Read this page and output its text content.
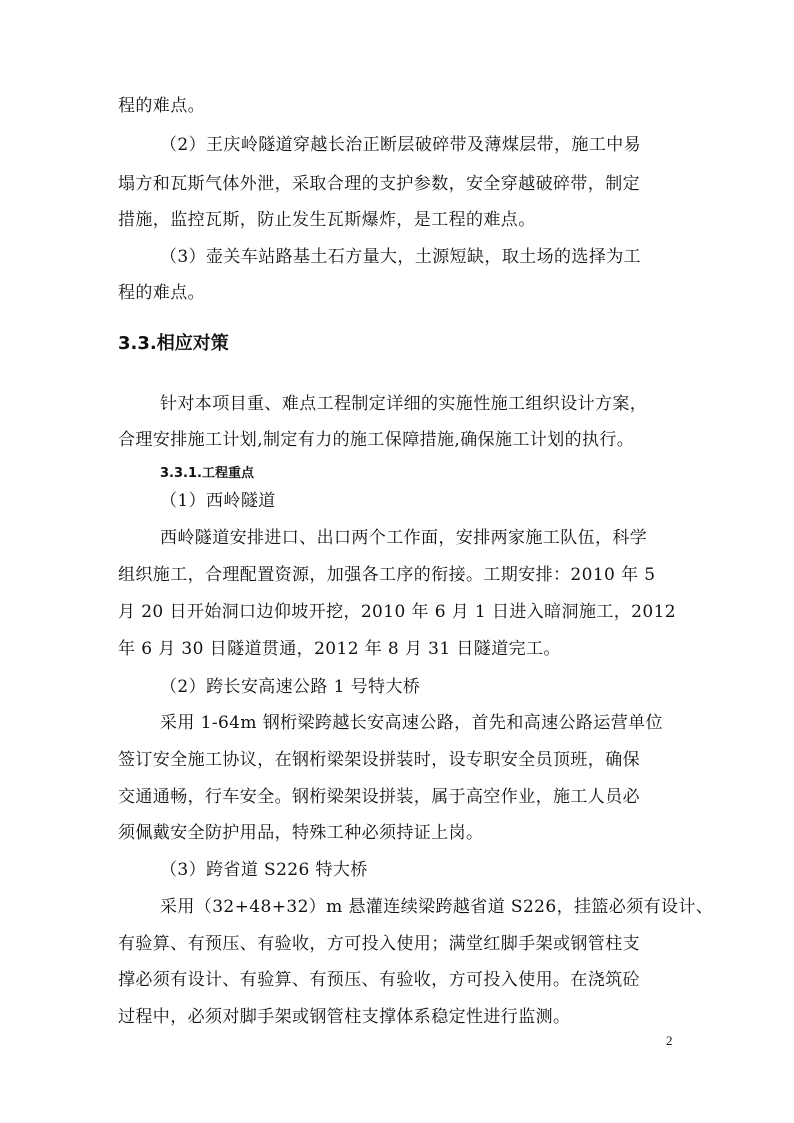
程的难点。

（2）王庆岭隧道穿越长治正断层破碎带及薄煤层带，施工中易

塌方和瓦斯气体外泄，采取合理的支护参数，安全穿越破碎带，制定

措施，监控瓦斯，防止发生瓦斯爆炸，是工程的难点。

（3）壶关车站路基土石方量大，土源短缺，取土场的选择为工

程的难点。

3.3.相应对策

针对本项目重、难点工程制定详细的实施性施工组织设计方案，

合理安排施工计划,制定有力的施工保障措施,确保施工计划的执行。

3.3.1.工程重点

（1）西岭隧道

西岭隧道安排进口、出口两个工作面，安排两家施工队伍，科学

组织施工，合理配置资源，加强各工序的衔接。工期安排：2010 年 5

月 20 日开始洞口边仰坡开挖，2010 年 6 月 1 日进入暗洞施工，2012

年 6 月 30 日隧道贯通，2012 年 8 月 31 日隧道完工。

（2）跨长安高速公路 1 号特大桥

采用 1-64m 钢桁梁跨越长安高速公路，首先和高速公路运营单位

签订安全施工协议，在钢桁梁架设拼装时，设专职安全员顶班，确保

交通通畅，行车安全。钢桁梁架设拼装，属于高空作业，施工人员必

须佩戴安全防护用品，特殊工种必须持证上岗。

（3）跨省道 S226 特大桥

采用（32+48+32）m 悬灌连续梁跨越省道 S226，挂篮必须有设计、

有验算、有预压、有验收，方可投入使用；满堂红脚手架或钢管柱支

撑必须有设计、有验算、有预压、有验收，方可投入使用。在浇筑砼

过程中，必须对脚手架或钢管柱支撑体系稳定性进行监测。

2
